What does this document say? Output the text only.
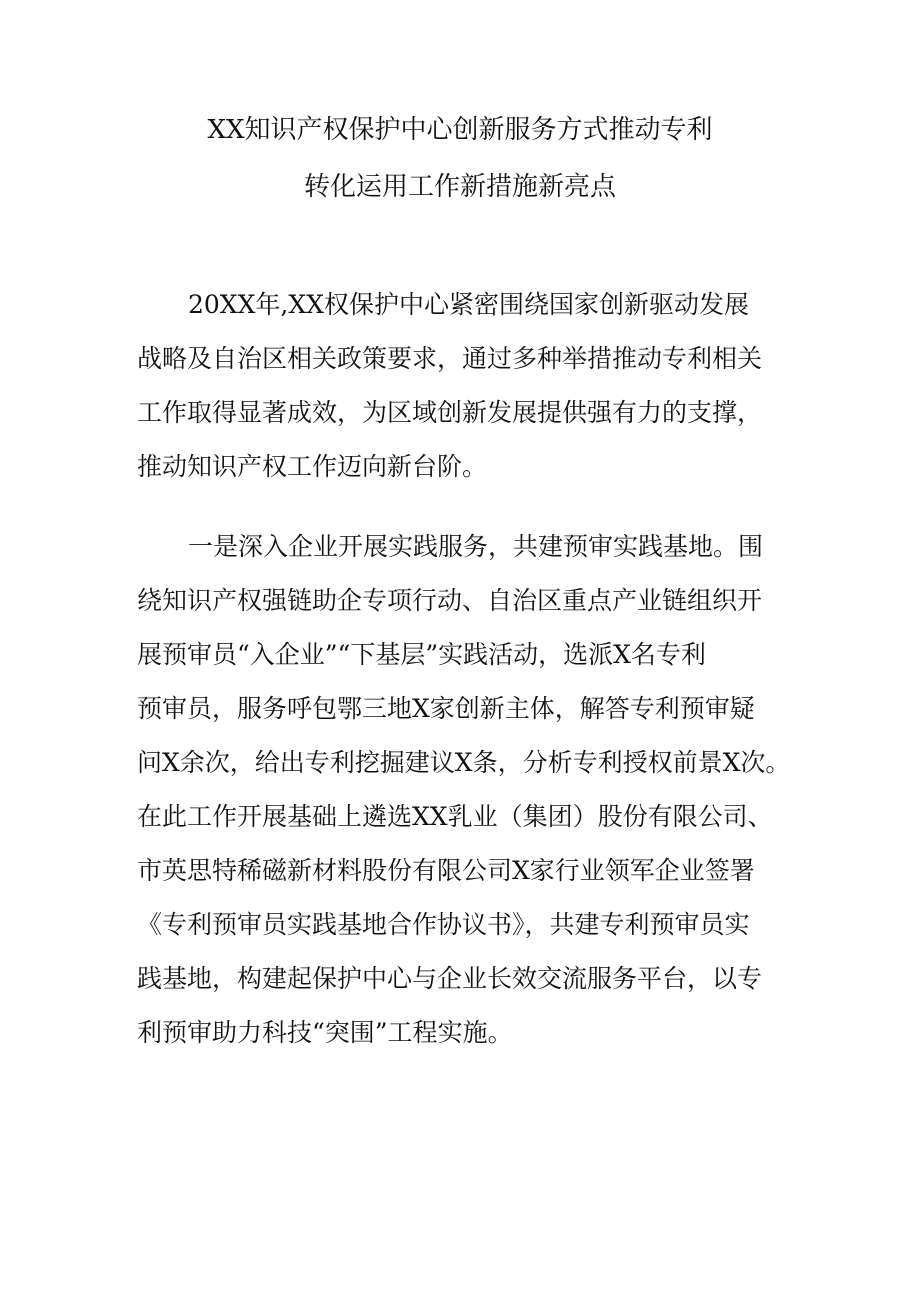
XX知识产权保护中心创新服务方式推动专利
转化运用工作新措施新亮点
20XX年,XX权保护中心紧密围绕国家创新驱动发展
战略及自治区相关政策要求，通过多种举措推动专利相关
工作取得显著成效，为区域创新发展提供强有力的支撑，
推动知识产权工作迈向新台阶。
一是深入企业开展实践服务，共建预审实践基地。围
绕知识产权强链助企专项行动、自治区重点产业链组织开
展预审员“入企业”“下基层”实践活动，选派X名专利
预审员，服务呼包鄂三地X家创新主体，解答专利预审疑
问X余次，给出专利挖掘建议X条，分析专利授权前景X次。
在此工作开展基础上遴选XX乳业（集团）股份有限公司、
市英思特稀磁新材料股份有限公司X家行业领军企业签署
《专利预审员实践基地合作协议书》，共建专利预审员实
践基地，构建起保护中心与企业长效交流服务平台，以专
利预审助力科技“突围”工程实施。
